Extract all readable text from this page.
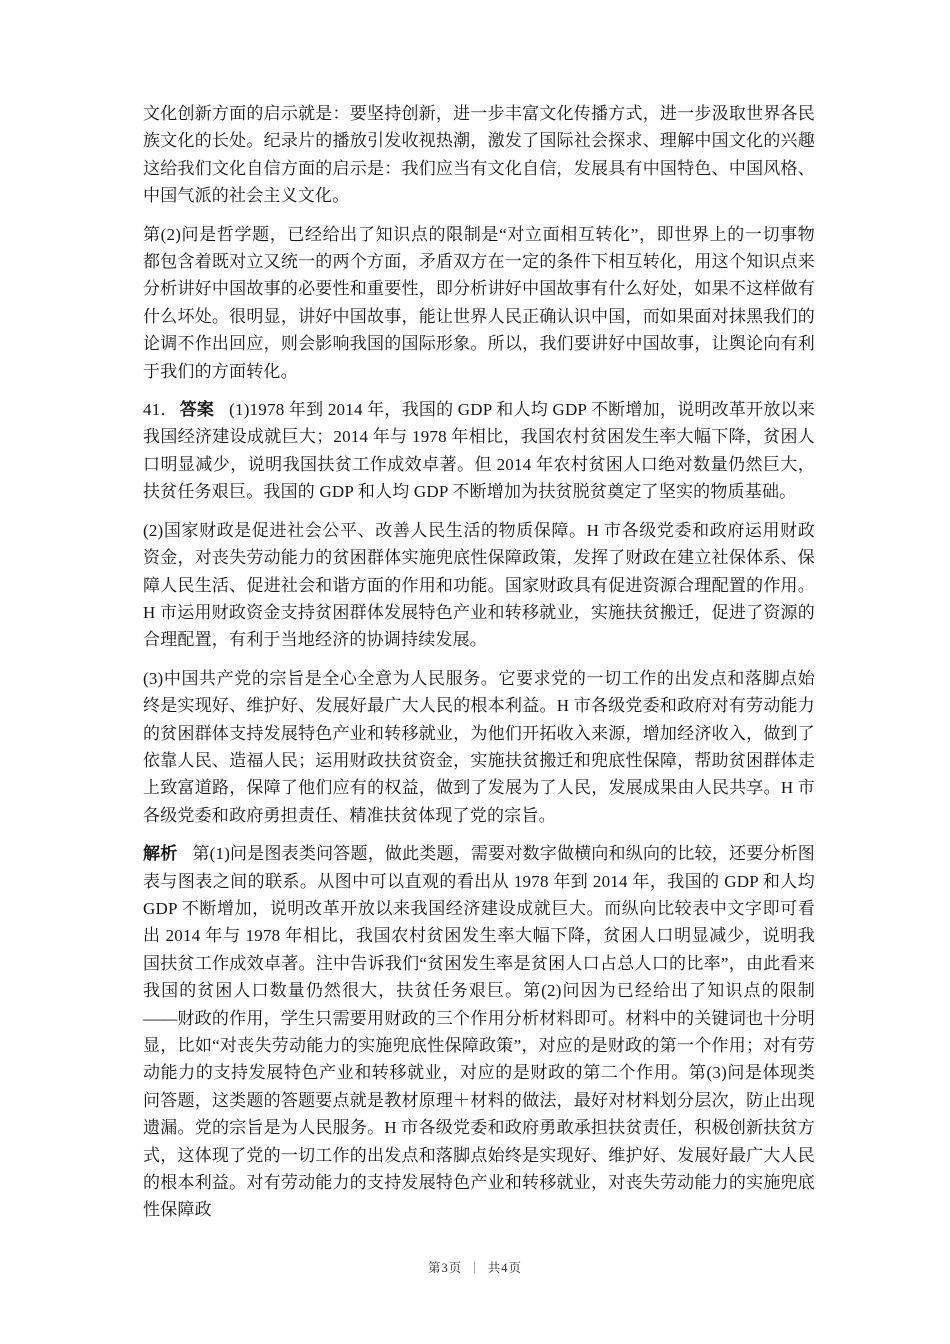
文化创新方面的启示就是：要坚持创新，进一步丰富文化传播方式，进一步汲取世界各民族文化的长处。纪录片的播放引发收视热潮，激发了国际社会探求、理解中国文化的兴趣这给我们文化自信方面的启示是：我们应当有文化自信，发展具有中国特色、中国风格、中国气派的社会主义文化。

第(2)问是哲学题，已经给出了知识点的限制是“对立面相互转化”，即世界上的一切事物都包含着既对立又统一的两个方面，矛盾双方在一定的条件下相互转化，用这个知识点来分析讲好中国故事的必要性和重要性，即分析讲好中国故事有什么好处，如果不这样做有什么坏处。很明显，讲好中国故事，能让世界人民正确认识中国，而如果面对抹黑我们的论调不作出回应，则会影响我国的国际形象。所以，我们要讲好中国故事，让舆论向有利于我们的方面转化。

41． 答案 (1)1978 年到 2014 年，我国的 GDP 和人均 GDP 不断增加，说明改革开放以来我国经济建设成就巨大；2014 年与 1978 年相比，我国农村贫困发生率大幅下降，贫困人口明显减少，说明我国扶贫工作成效卓著。但 2014 年农村贫困人口绝对数量仍然巨大，扶贫任务艰巨。我国的 GDP 和人均 GDP 不断增加为扶贫脱贫奠定了坚实的物质基础。

(2)国家财政是促进社会公平、改善人民生活的物质保障。H 市各级党委和政府运用财政资金，对丧失劳动能力的贫困群体实施兜底性保障政策，发挥了财政在建立社保体系、保障人民生活、促进社会和谐方面的作用和功能。国家财政具有促进资源合理配置的作用。H 市运用财政资金支持贫困群体发展特色产业和转移就业，实施扶贫搬迁，促进了资源的合理配置，有利于当地经济的协调持续发展。

(3)中国共产党的宗旨是全心全意为人民服务。它要求党的一切工作的出发点和落脚点始终是实现好、维护好、发展好最广大人民的根本利益。H 市各级党委和政府对有劳动能力的贫困群体支持发展特色产业和转移就业，为他们开拓收入来源，增加经济收入，做到了依靠人民、造福人民；运用财政扶贫资金，实施扶贫搬迁和兜底性保障，帮助贫困群体走上致富道路，保障了他们应有的权益，做到了发展为了人民，发展成果由人民共享。H 市各级党委和政府勇担责任、精准扶贫体现了党的宗旨。

解析 第(1)问是图表类问答题，做此类题，需要对数字做横向和纵向的比较，还要分析图表与图表之间的联系。从图中可以直观的看出从 1978 年到 2014 年，我国的 GDP 和人均 GDP 不断增加，说明改革开放以来我国经济建设成就巨大。而纵向比较表中文字即可看出 2014 年与 1978 年相比，我国农村贫困发生率大幅下降，贫困人口明显减少，说明我国扶贫工作成效卓著。注中告诉我们“贫困发生率是贫困人口占总人口的比率”，由此看来我国的贫困人口数量仍然很大，扶贫任务艰巨。第(2)问因为已经给出了知识点的限制——财政的作用，学生只需要用财政的三个作用分析材料即可。材料中的关键词也十分明显，比如“对丧失劳动能力的实施兜底性保障政策”，对应的是财政的第一个作用；对有劳动能力的支持发展特色产业和转移就业，对应的是财政的第二个作用。第(3)问是体现类问答题，这类题的答题要点就是教材原理＋材料的做法，最好对材料划分层次，防止出现遗漏。党的宗旨是为人民服务。H 市各级党委和政府勇敢承担扶贫责任，积极创新扶贫方式，这体现了党的一切工作的出发点和落脚点始终是实现好、维护好、发展好最广大人民的根本利益。对有劳动能力的支持发展特色产业和转移就业，对丧失劳动能力的实施兜底性保障政

第3页 ｜ 共4页
